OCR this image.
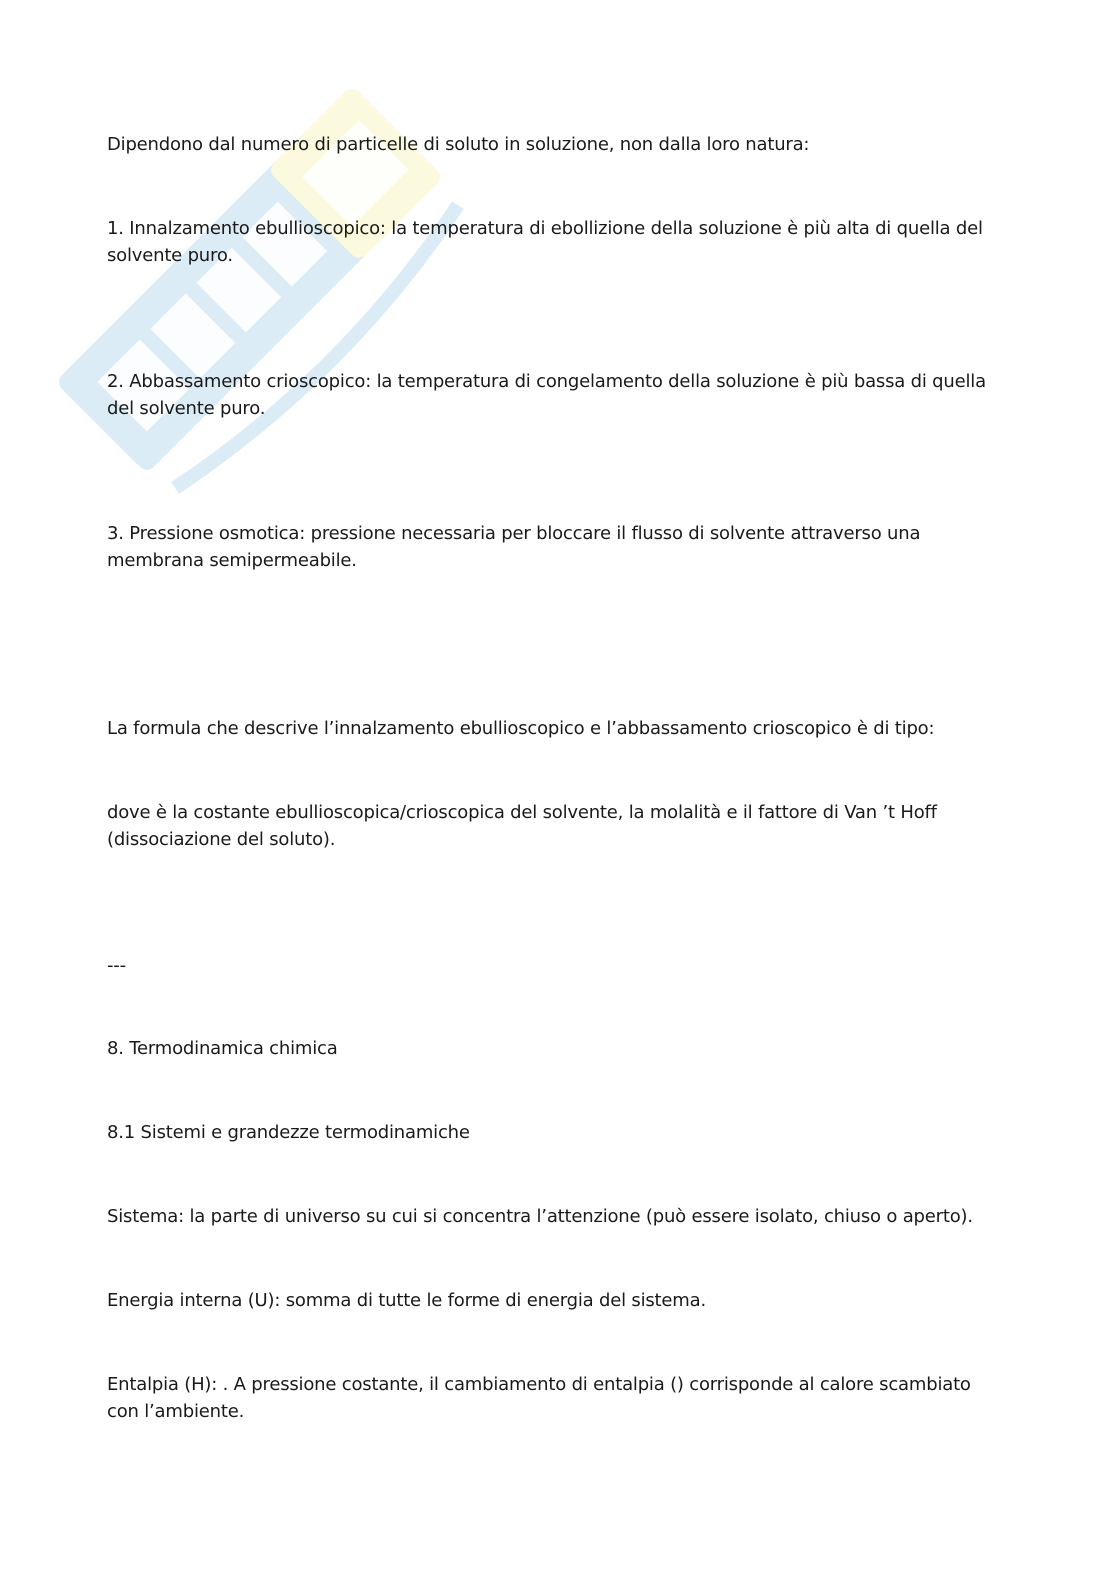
Dipendono dal numero di particelle di soluto in soluzione, non dalla loro natura:

1. Innalzamento ebullioscopico: la temperatura di ebollizione della soluzione è più alta di quella del solvente puro.

2. Abbassamento crioscopico: la temperatura di congelamento della soluzione è più bassa di quella del solvente puro.

3. Pressione osmotica: pressione necessaria per bloccare il flusso di solvente attraverso una membrana semipermeabile.

La formula che descrive l’innalzamento ebullioscopico e l’abbassamento crioscopico è di tipo:

dove è la costante ebullioscopica/crioscopica del solvente, la molalità e il fattore di Van ’t Hoff (dissociazione del soluto).

---

8. Termodinamica chimica

8.1 Sistemi e grandezze termodinamiche

Sistema: la parte di universo su cui si concentra l’attenzione (può essere isolato, chiuso o aperto).

Energia interna (U): somma di tutte le forme di energia del sistema.

Entalpia (H): . A pressione costante, il cambiamento di entalpia () corrisponde al calore scambiato con l’ambiente.
